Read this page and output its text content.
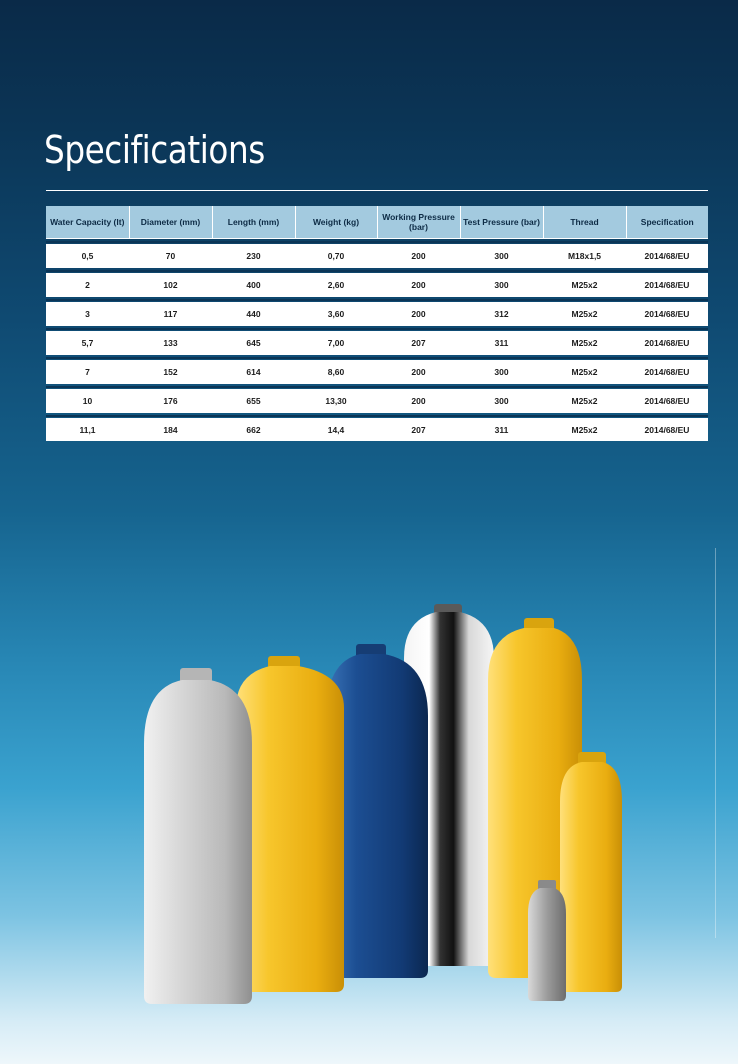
Specifications
Water Capacity (lt)	Diameter (mm)	Length (mm)	Weight (kg)	Working Pressure (bar)	Test Pressure (bar)	Thread	Specification

0,5	70	230	0,70	200	300	M18x1,5	2014/68/EU

2	102	400	2,60	200	300	M25x2	2014/68/EU

3	117	440	3,60	200	312	M25x2	2014/68/EU

5,7	133	645	7,00	207	311	M25x2	2014/68/EU

7	152	614	8,60	200	300	M25x2	2014/68/EU

10	176	655	13,30	200	300	M25x2	2014/68/EU

11,1	184	662	14,4	207	311	M25x2	2014/68/EU
